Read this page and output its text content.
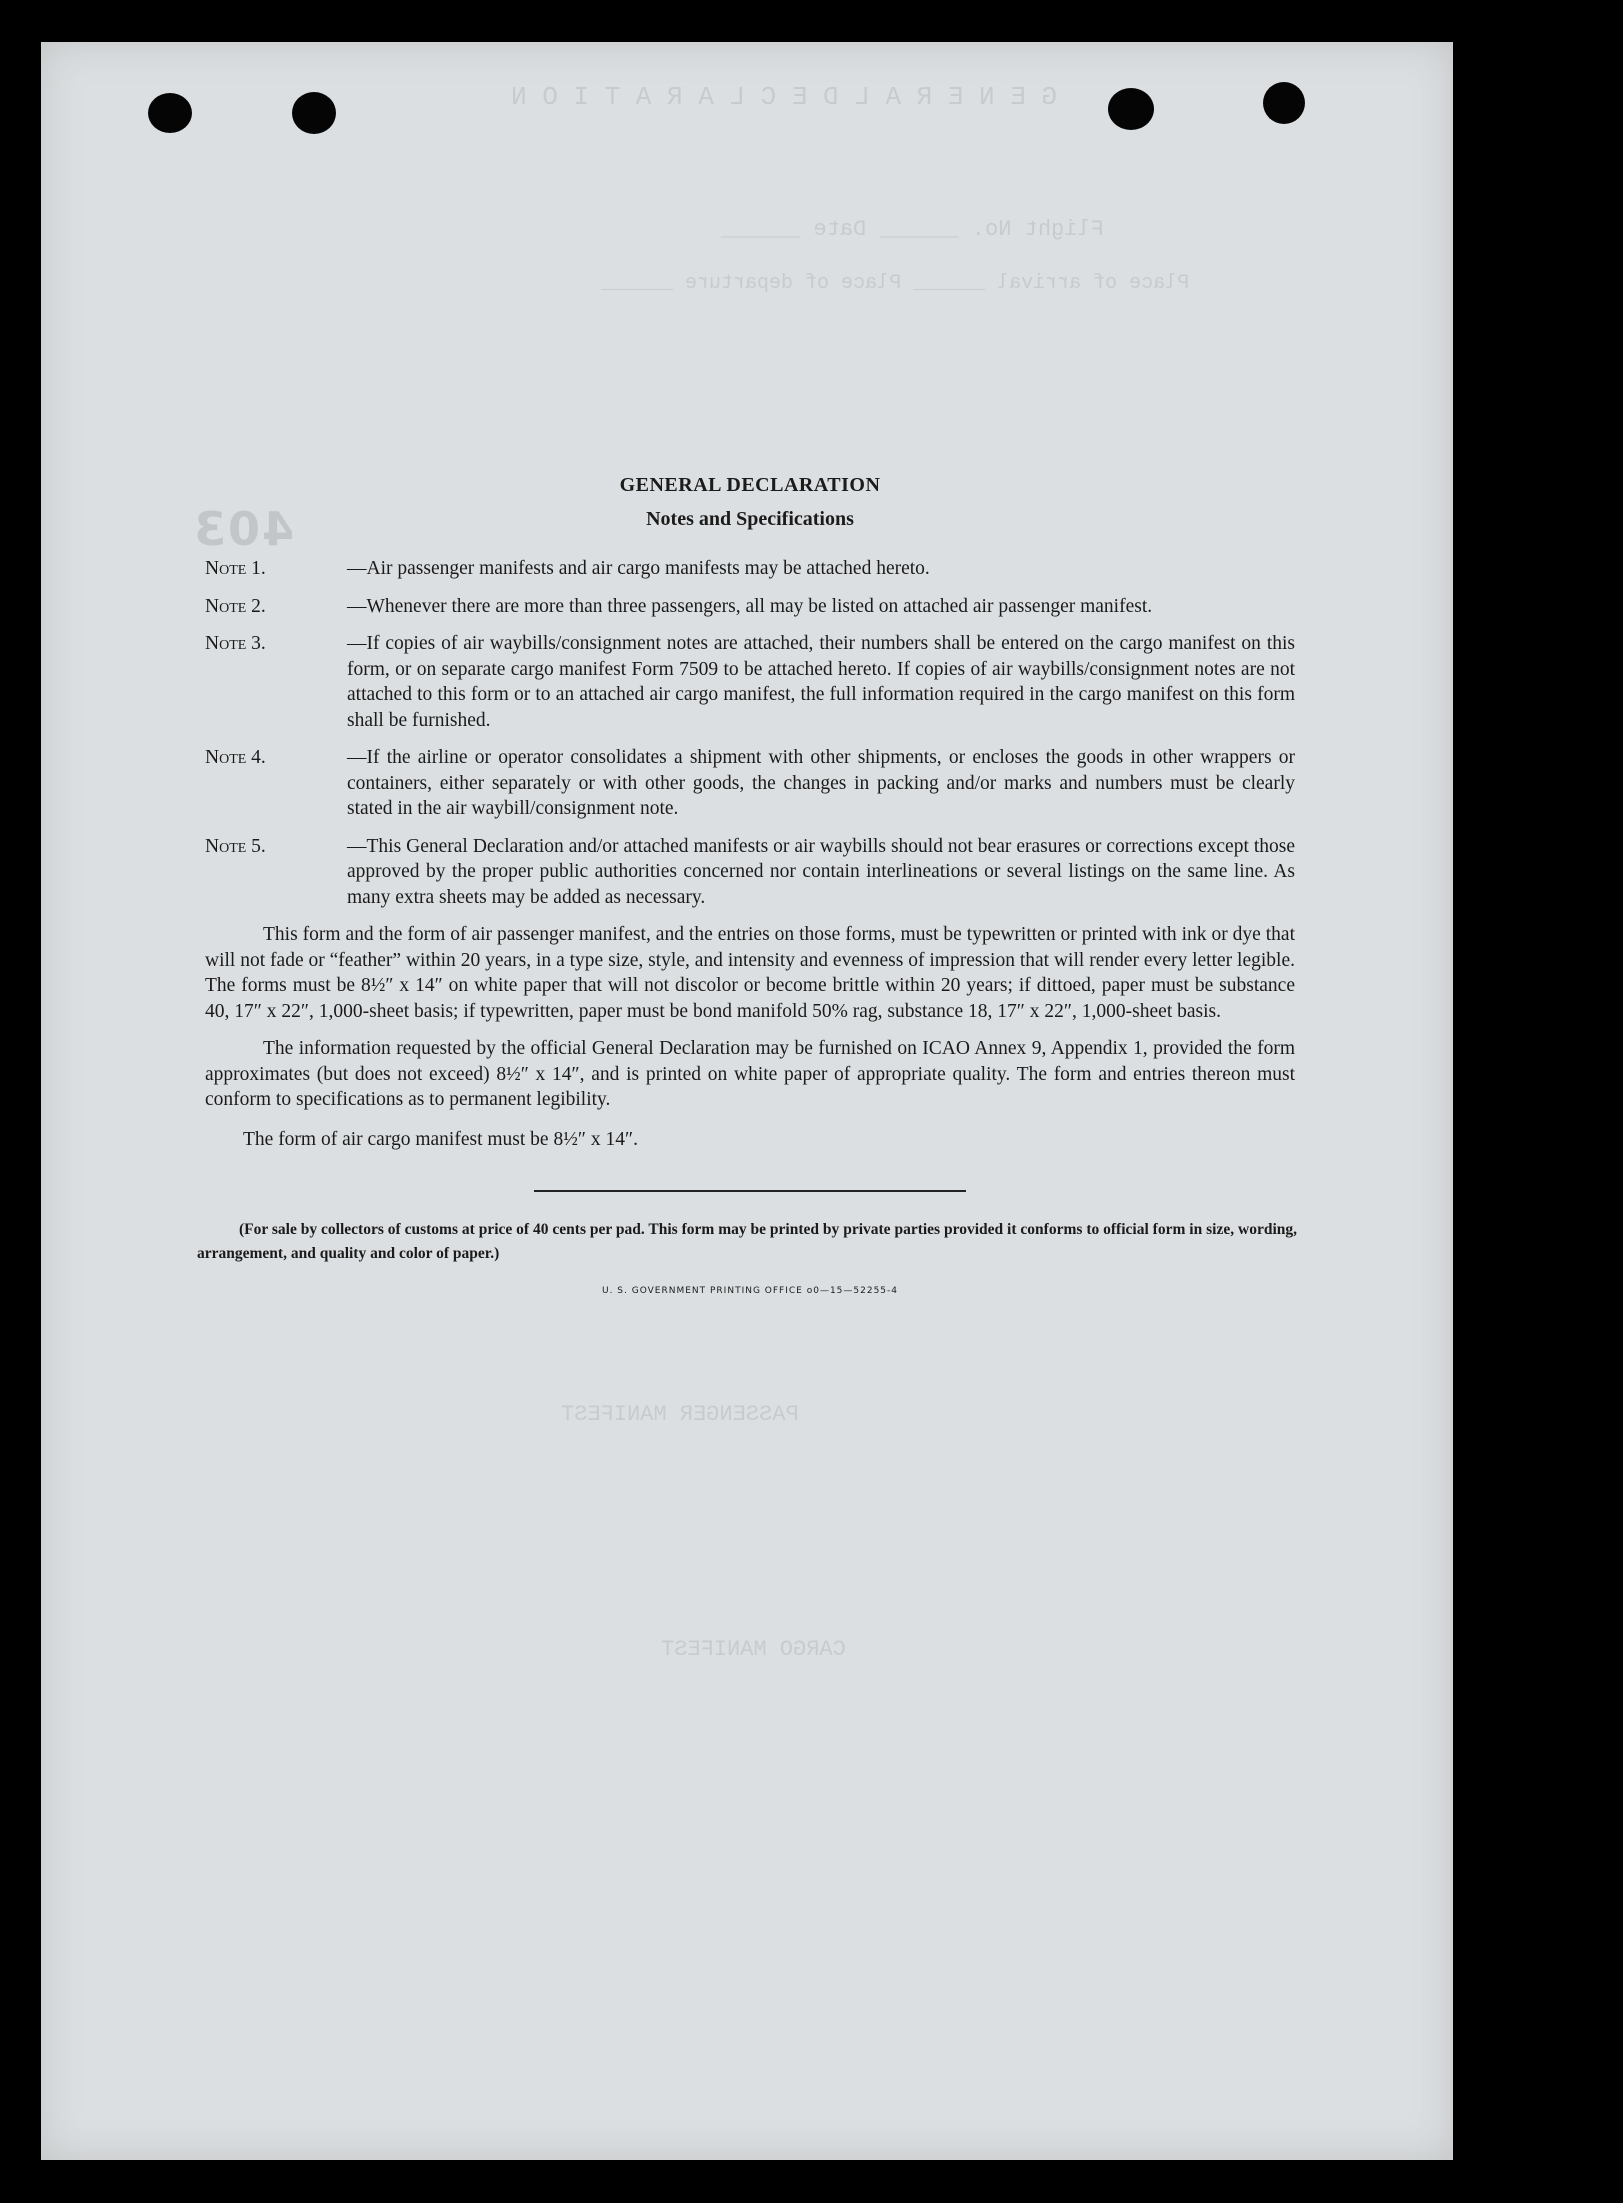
G E N E R A L D E C L A R A T I O N
Flight No. ______ Date ______
Place of arrival ______ Place of departure ______
PASSENGER MANIFEST
CARGO MANIFEST
403
GENERAL DECLARATION
Notes and Specifications
Note 1.	—Air passenger manifests and air cargo manifests may be attached hereto.
Note 2.	—Whenever there are more than three passengers, all may be listed on attached air passenger manifest.
Note 3.	—If copies of air waybills/consignment notes are attached, their numbers shall be entered on the cargo manifest on this form, or on separate cargo manifest Form 7509 to be attached hereto. If copies of air waybills/consignment notes are not attached to this form or to an attached air cargo manifest, the full information required in the cargo manifest on this form shall be furnished.
Note 4.	—If the airline or operator consolidates a shipment with other shipments, or encloses the goods in other wrappers or containers, either separately or with other goods, the changes in packing and/or marks and numbers must be clearly stated in the air waybill/consignment note.
Note 5.	—This General Declaration and/or attached manifests or air waybills should not bear erasures or corrections except those approved by the proper public authorities concerned nor contain interlineations or several listings on the same line. As many extra sheets may be added as necessary.

This form and the form of air passenger manifest, and the entries on those forms, must be typewritten or printed with ink or dye that will not fade or “feather” within 20 years, in a type size, style, and intensity and evenness of impression that will render every letter legible. The forms must be 8½″ x 14″ on white paper that will not discolor or become brittle within 20 years; if dittoed, paper must be substance 40, 17″ x 22″, 1,000-sheet basis; if typewritten, paper must be bond manifold 50% rag, substance 18, 17″ x 22″, 1,000-sheet basis.

The information requested by the official General Declaration may be furnished on ICAO Annex 9, Appendix 1, provided the form approximates (but does not exceed) 8½″ x 14″, and is printed on white paper of appropriate quality. The form and entries thereon must conform to specifications as to permanent legibility.

The form of air cargo manifest must be 8½″ x 14″.

(For sale by collectors of customs at price of 40 cents per pad. This form may be printed by private parties provided it conforms to official form in size, wording, arrangement, and quality and color of paper.)

U. S. GOVERNMENT PRINTING OFFICE o0—15—52255-4
